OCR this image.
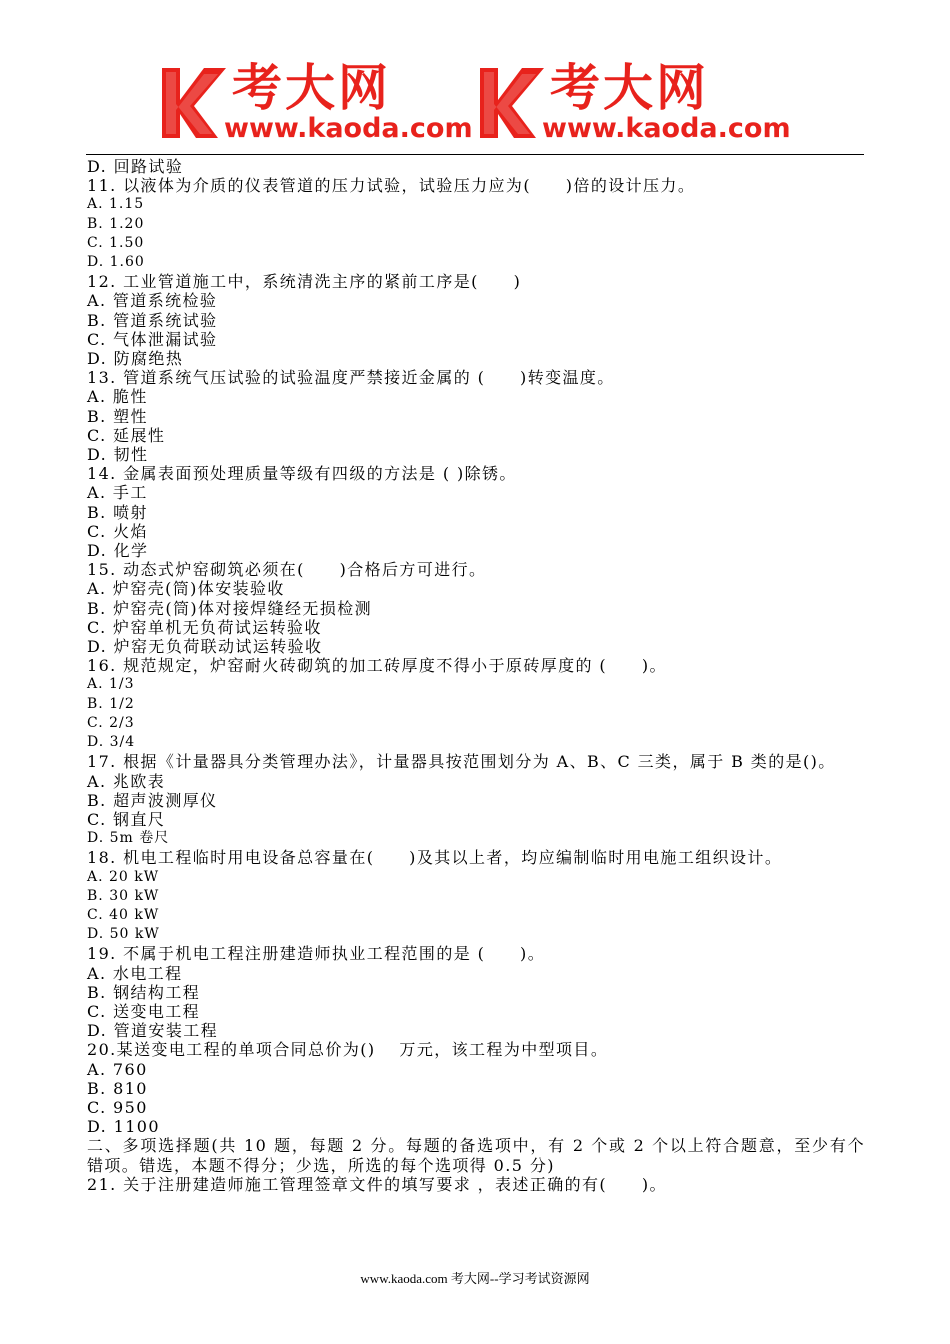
考大网
www.kaoda.com
考大网
www.kaoda.com
D. 回路试验
11. 以液体为介质的仪表管道的压力试验，试验压力应为(　　)倍的设计压力。
A. 1.15
B. 1.20
C. 1.50
D. 1.60
12. 工业管道施工中，系统清洗主序的紧前工序是(　　)
A. 管道系统检验
B. 管道系统试验
C. 气体泄漏试验
D. 防腐绝热
13. 管道系统气压试验的试验温度严禁接近金属的 (　　)转变温度。
A. 脆性
B. 塑性
C. 延展性
D. 韧性
14. 金属表面预处理质量等级有四级的方法是 ( )除锈。
A. 手工
B. 喷射
C. 火焰
D. 化学
15. 动态式炉窑砌筑必须在(　　)合格后方可进行。
A. 炉窑壳(筒)体安装验收
B. 炉窑壳(筒)体对接焊缝经无损检测
C. 炉窑单机无负荷试运转验收
D. 炉窑无负荷联动试运转验收
16. 规范规定，炉窑耐火砖砌筑的加工砖厚度不得小于原砖厚度的 (　　)。
A. 1/3
B. 1/2
C. 2/3
D. 3/4
17. 根据《计量器具分类管理办法》，计量器具按范围划分为 A、B、C 三类，属于 B 类的是()。
A. 兆欧表
B. 超声波测厚仪
C. 钢直尺
D. 5m 卷尺
18. 机电工程临时用电设备总容量在(　　)及其以上者，均应编制临时用电施工组织设计。
A. 20 kW
B. 30 kW
C. 40 kW
D. 50 kW
19. 不属于机电工程注册建造师执业工程范围的是 (　　)。
A. 水电工程
B. 钢结构工程
C. 送变电工程
D. 管道安装工程
20.某送变电工程的单项合同总价为()　 万元，该工程为中型项目。
A. 760
B. 810
C. 950
D. 1100
二、多项选择题(共 10 题，每题 2 分。每题的备选项中，有 2 个或 2 个以上符合题意，至少有个错项。错选，本题不得分；少选，所选的每个选项得 0.5 分)
21. 关于注册建造师施工管理签章文件的填写要求 ，表述正确的有(　　)。
www.kaoda.com 考大网--学习考试资源网
